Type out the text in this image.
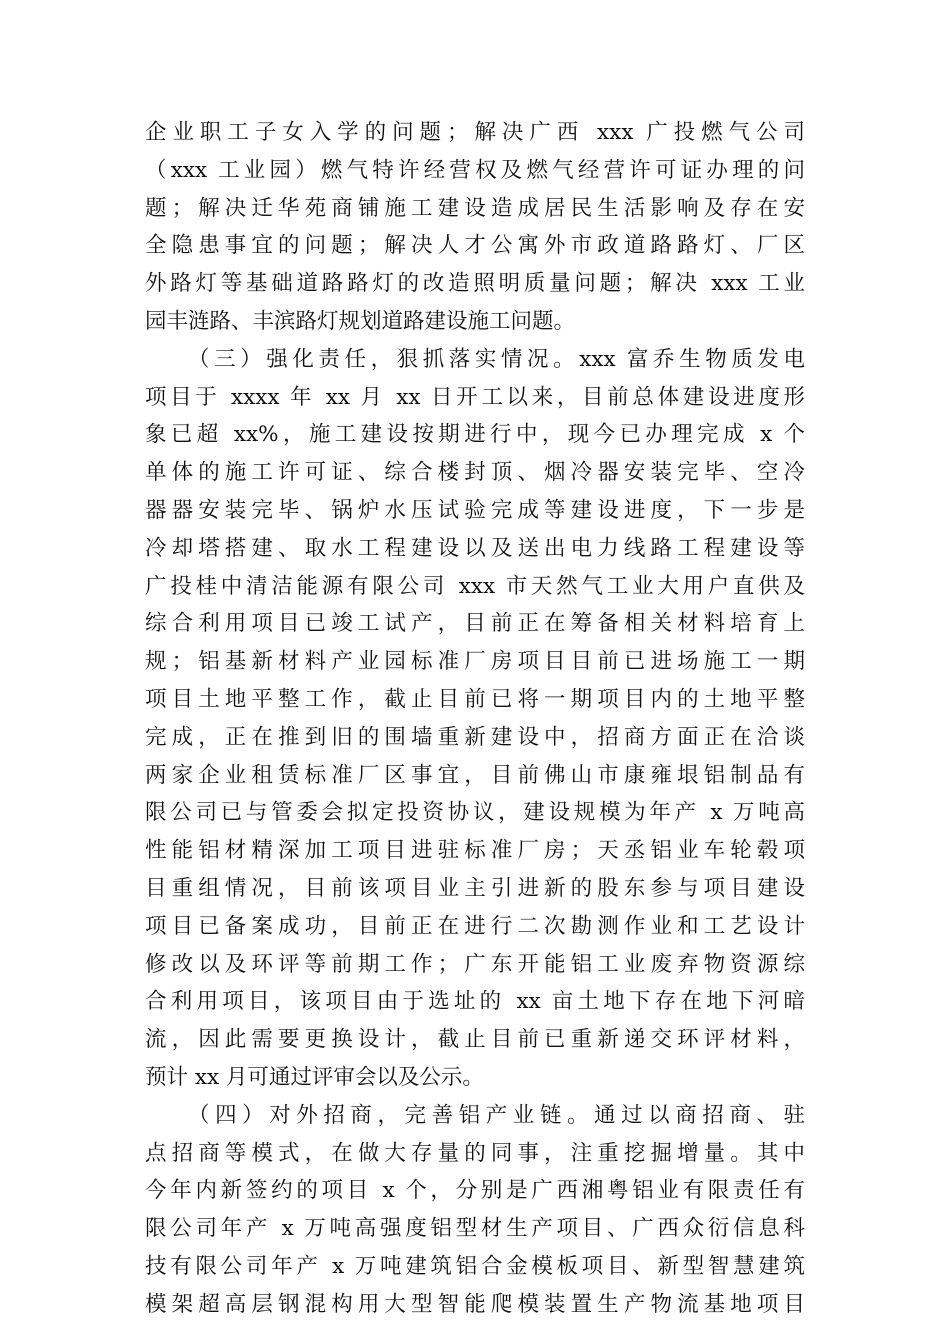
企业职工子女入学的问题；解决广西 xxx 广投燃气公司
（xxx 工业园）燃气特许经营权及燃气经营许可证办理的问
题；解决迁华苑商铺施工建设造成居民生活影响及存在安
全隐患事宜的问题；解决人才公寓外市政道路路灯、厂区
外路灯等基础道路路灯的改造照明质量问题；解决 xxx 工业
园丰涟路、丰滨路灯规划道路建设施工问题。
（三）强化责任，狠抓落实情况。xxx 富乔生物质发电
项目于 xxxx 年 xx 月 xx 日开工以来，目前总体建设进度形
象已超 xx%，施工建设按期进行中，现今已办理完成 x 个
单体的施工许可证、综合楼封顶、烟冷器安装完毕、空冷
器器安装完毕、锅炉水压试验完成等建设进度，下一步是
冷却塔搭建、取水工程建设以及送出电力线路工程建设等
广投桂中清洁能源有限公司 xxx 市天然气工业大用户直供及
综合利用项目已竣工试产，目前正在筹备相关材料培育上
规；铝基新材料产业园标准厂房项目目前已进场施工一期
项目土地平整工作，截止目前已将一期项目内的土地平整
完成，正在推到旧的围墙重新建设中，招商方面正在洽谈
两家企业租赁标准厂区事宜，目前佛山市康雍垠铝制品有
限公司已与管委会拟定投资协议，建设规模为年产 x 万吨高
性能铝材精深加工项目进驻标准厂房；天丞铝业车轮毂项
目重组情况，目前该项目业主引进新的股东参与项目建设
项目已备案成功，目前正在进行二次勘测作业和工艺设计
修改以及环评等前期工作；广东开能铝工业废弃物资源综
合利用项目，该项目由于选址的 xx 亩土地下存在地下河暗
流，因此需要更换设计，截止目前已重新递交环评材料，
预计 xx 月可通过评审会以及公示。
（四）对外招商，完善铝产业链。通过以商招商、驻
点招商等模式，在做大存量的同事，注重挖掘增量。其中
今年内新签约的项目 x 个，分别是广西湘粤铝业有限责任有
限公司年产 x 万吨高强度铝型材生产项目、广西众衍信息科
技有限公司年产 x 万吨建筑铝合金模板项目、新型智慧建筑
模架超高层钢混构用大型智能爬模装置生产物流基地项目
